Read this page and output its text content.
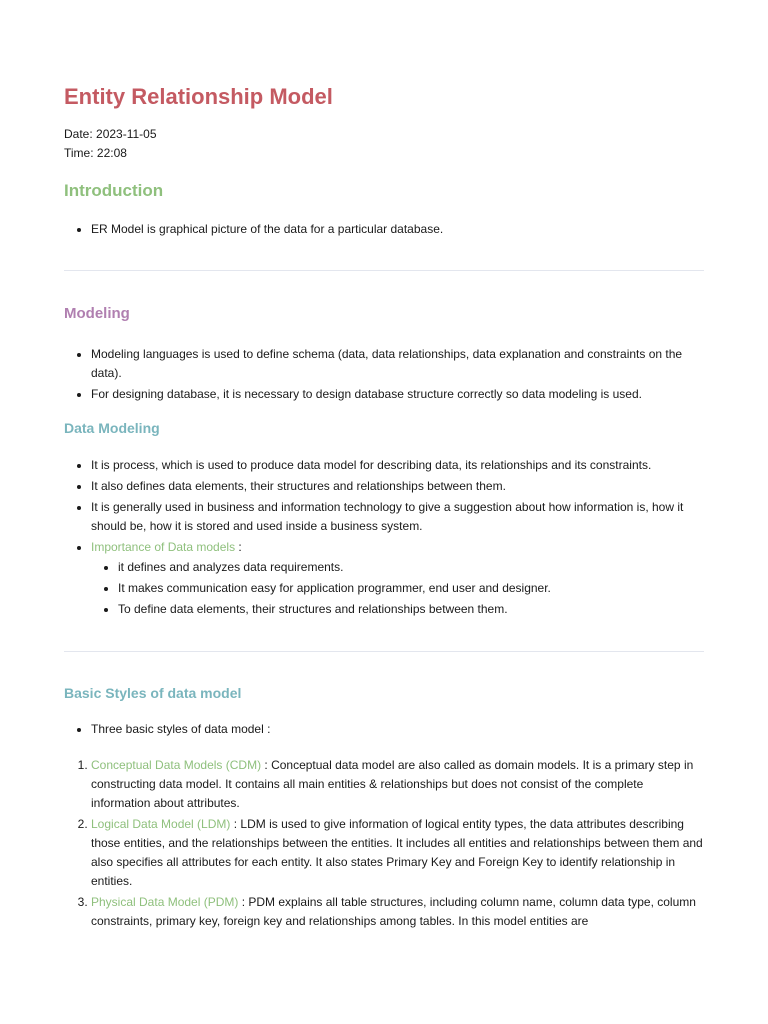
Entity Relationship Model
Date: 2023-11-05
Time: 22:08
Introduction
• ER Model is graphical picture of the data for a particular database.
Modeling
• Modeling languages is used to define schema (data, data relationships, data explanation and constraints on the data).
• For designing database, it is necessary to design database structure correctly so data modeling is used.
Data Modeling
• It is process, which is used to produce data model for describing data, its relationships and its constraints.
• It also defines data elements, their structures and relationships between them.
• It is generally used in business and information technology to give a suggestion about how information is, how it should be, how it is stored and used inside a business system.
• Importance of Data models :
• it defines and analyzes data requirements.
• It makes communication easy for application programmer, end user and designer.
• To define data elements, their structures and relationships between them.
Basic Styles of data model
• Three basic styles of data model :
1. Conceptual Data Models (CDM) : Conceptual data model are also called as domain models. It is a primary step in constructing data model. It contains all main entities & relationships but does not consist of the complete information about attributes.
2. Logical Data Model (LDM) : LDM is used to give information of logical entity types, the data attributes describing those entities, and the relationships between the entities. It includes all entities and relationships between them and also specifies all attributes for each entity. It also states Primary Key and Foreign Key to identify relationship in entities.
3. Physical Data Model (PDM) : PDM explains all table structures, including column name, column data type, column constraints, primary key, foreign key and relationships among tables. In this model entities are
